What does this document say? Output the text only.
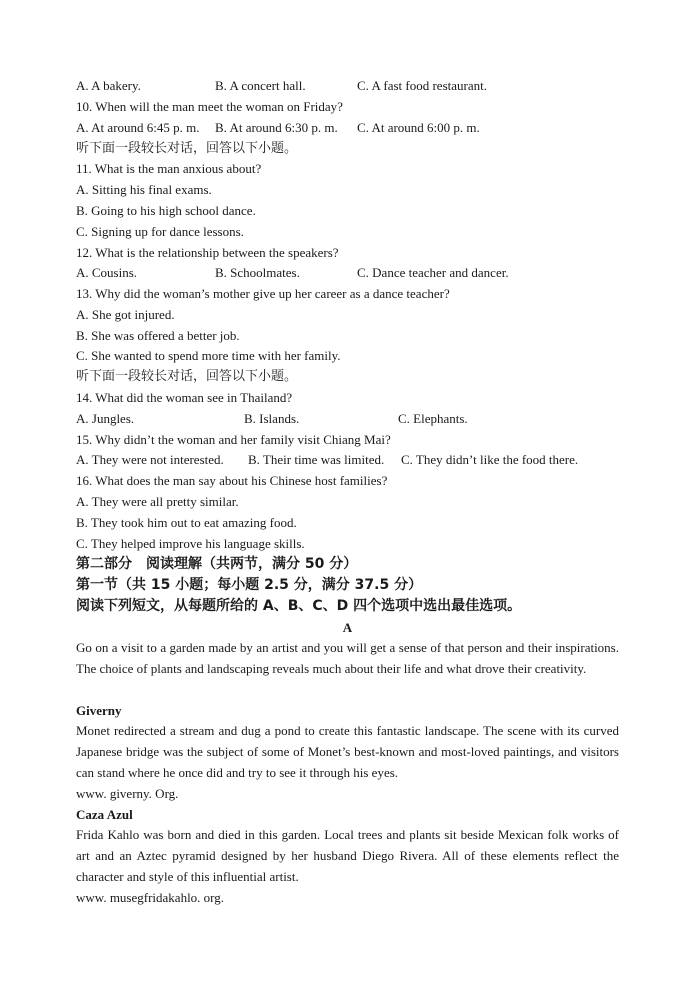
A. A bakery.	B. A concert hall.	C. A fast food restaurant.
10. When will the man meet the woman on Friday?
A. At around 6:45 p. m. B. At around 6:30 p. m. C. At around 6:00 p. m.
听下面一段较长对话，回答以下小题。
11. What is the man anxious about?
A. Sitting his final exams.
B. Going to his high school dance.
C. Signing up for dance lessons.
12. What is the relationship between the speakers?
A. Cousins.	B. Schoolmates.	C. Dance teacher and dancer.
13. Why did the woman’s mother give up her career as a dance teacher?
A. She got injured.
B. She was offered a better job.
C. She wanted to spend more time with her family.
听下面一段较长对话，回答以下小题。
14. What did the woman see in Thailand?
A. Jungles.	B. Islands.	C. Elephants.
15. Why didn’t the woman and her family visit Chiang Mai?
A. They were not interested. B. Their time was limited. C. They didn’t like the food there.
16. What does the man say about his Chinese host families?
A. They were all pretty similar.
B. They took him out to eat amazing food.
C. They helped improve his language skills.
第二部分　阅读理解（共两节，满分 50 分）
第一节（共 15 小题；每小题 2.5 分，满分 37.5 分）
阅读下列短文，从每题所给的 A、B、C、D 四个选项中选出最佳选项。
A
Go on a visit to a garden made by an artist and you will get a sense of that person and their inspirations. The choice of plants and landscaping reveals much about their life and what drove their creativity.
Giverny
Monet redirected a stream and dug a pond to create this fantastic landscape. The scene with its curved Japanese bridge was the subject of some of Monet’s best-known and most-loved paintings, and visitors can stand where he once did and try to see it through his eyes.
www. giverny. Org.
Caza Azul
Frida Kahlo was born and died in this garden. Local trees and plants sit beside Mexican folk works of art and an Aztec pyramid designed by her husband Diego Rivera. All of these elements reflect the character and style of this influential artist.
www. musegfridakahlo. org.
